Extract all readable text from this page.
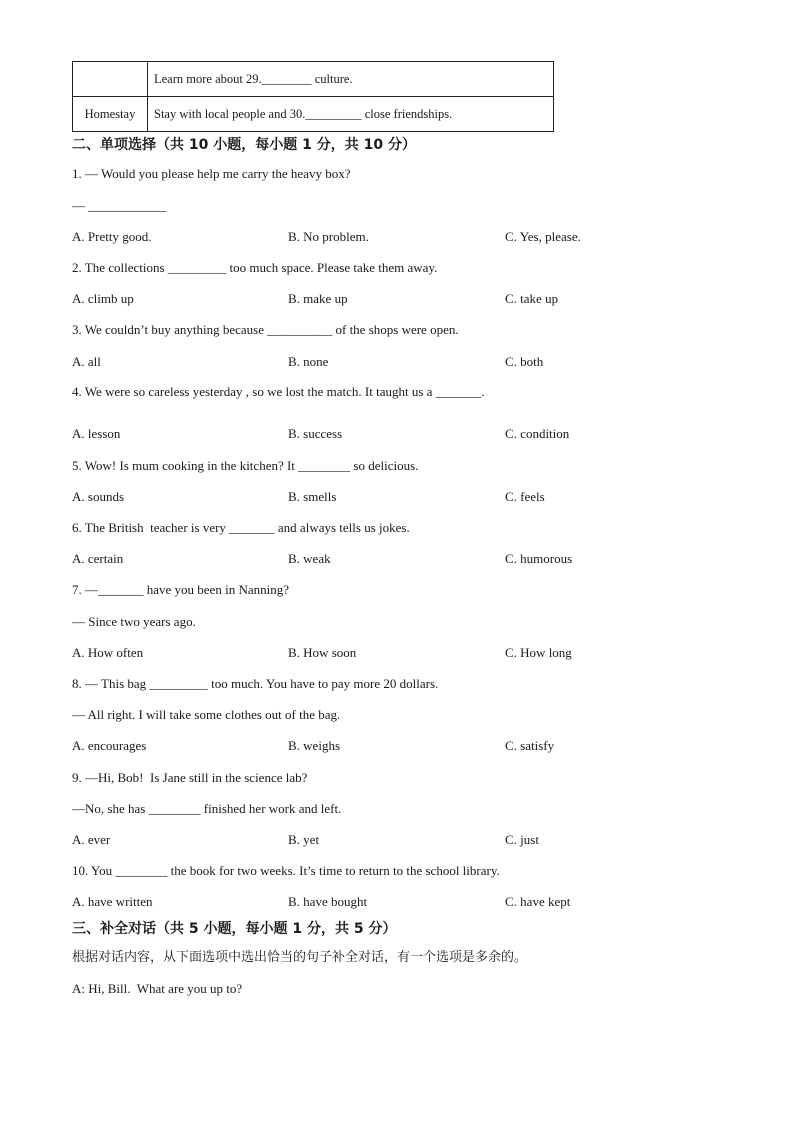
	Learn more about 29.________ culture.
Homestay	Stay with local people and 30._________ close friendships.
二、单项选择（共 10 小题，每小题 1 分，共 10 分）
1. — Would you please help me carry the heavy box?
— ____________
A. Pretty good.	B. No problem.	C. Yes, please.
2. The collections _________ too much space. Please take them away.
A. climb up	B. make up	C. take up
3. We couldn’t buy anything because __________ of the shops were open.
A. all	B. none	C. both
4. We were so careless yesterday , so we lost the match. It taught us a _______.
A. lesson	B. success	C. condition
5. Wow! Is mum cooking in the kitchen? It ________ so delicious.
A. sounds	B. smells	C. feels
6. The British  teacher is very _______ and always tells us jokes.
A. certain	B. weak	C. humorous
7. —_______ have you been in Nanning?
— Since two years ago.
A. How often	B. How soon	C. How long
8. — This bag _________ too much. You have to pay more 20 dollars.
— All right. I will take some clothes out of the bag.
A. encourages	B. weighs	C. satisfy
9. —Hi, Bob!  Is Jane still in the science lab?
—No, she has ________ finished her work and left.
A. ever	B. yet	C. just
10. You ________ the book for two weeks. It’s time to return to the school library.
A. have written	B. have bought	C. have kept
三、补全对话（共 5 小题，每小题 1 分，共 5 分）
根据对话内容，从下面选项中选出恰当的句子补全对话，有一个选项是多余的。
A: Hi, Bill.  What are you up to?
